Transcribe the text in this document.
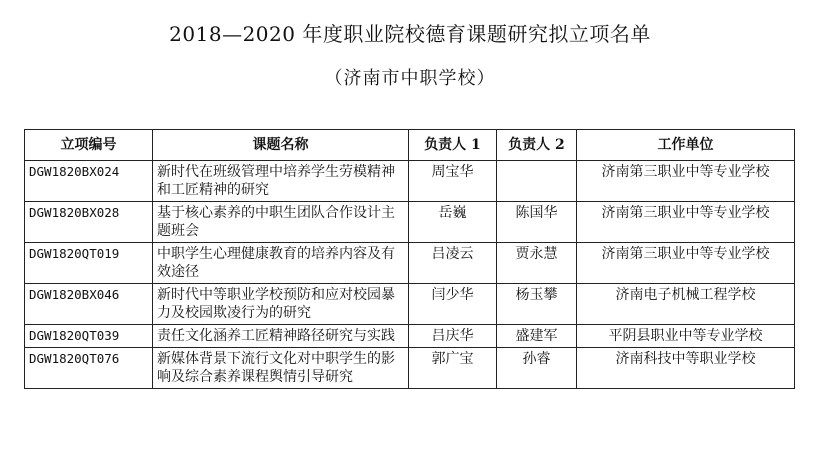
2018—2020 年度职业院校德育课题研究拟立项名单
（济南市中职学校）
立项编号	课题名称	负责人 1	负责人 2	工作单位
DGW1820BX024	新时代在班级管理中培养学生劳模精神和工匠精神的研究	周宝华		济南第三职业中等专业学校
DGW1820BX028	基于核心素养的中职生团队合作设计主题班会	岳巍	陈国华	济南第三职业中等专业学校
DGW1820QT019	中职学生心理健康教育的培养内容及有效途径	吕凌云	贾永慧	济南第三职业中等专业学校
DGW1820BX046	新时代中等职业学校预防和应对校园暴力及校园欺凌行为的研究	闫少华	杨玉攀	济南电子机械工程学校
DGW1820QT039	责任文化涵养工匠精神路径研究与实践	吕庆华	盛建军	平阴县职业中等专业学校
DGW1820QT076	新媒体背景下流行文化对中职学生的影响及综合素养课程舆情引导研究	郭广宝	孙睿	济南科技中等职业学校
